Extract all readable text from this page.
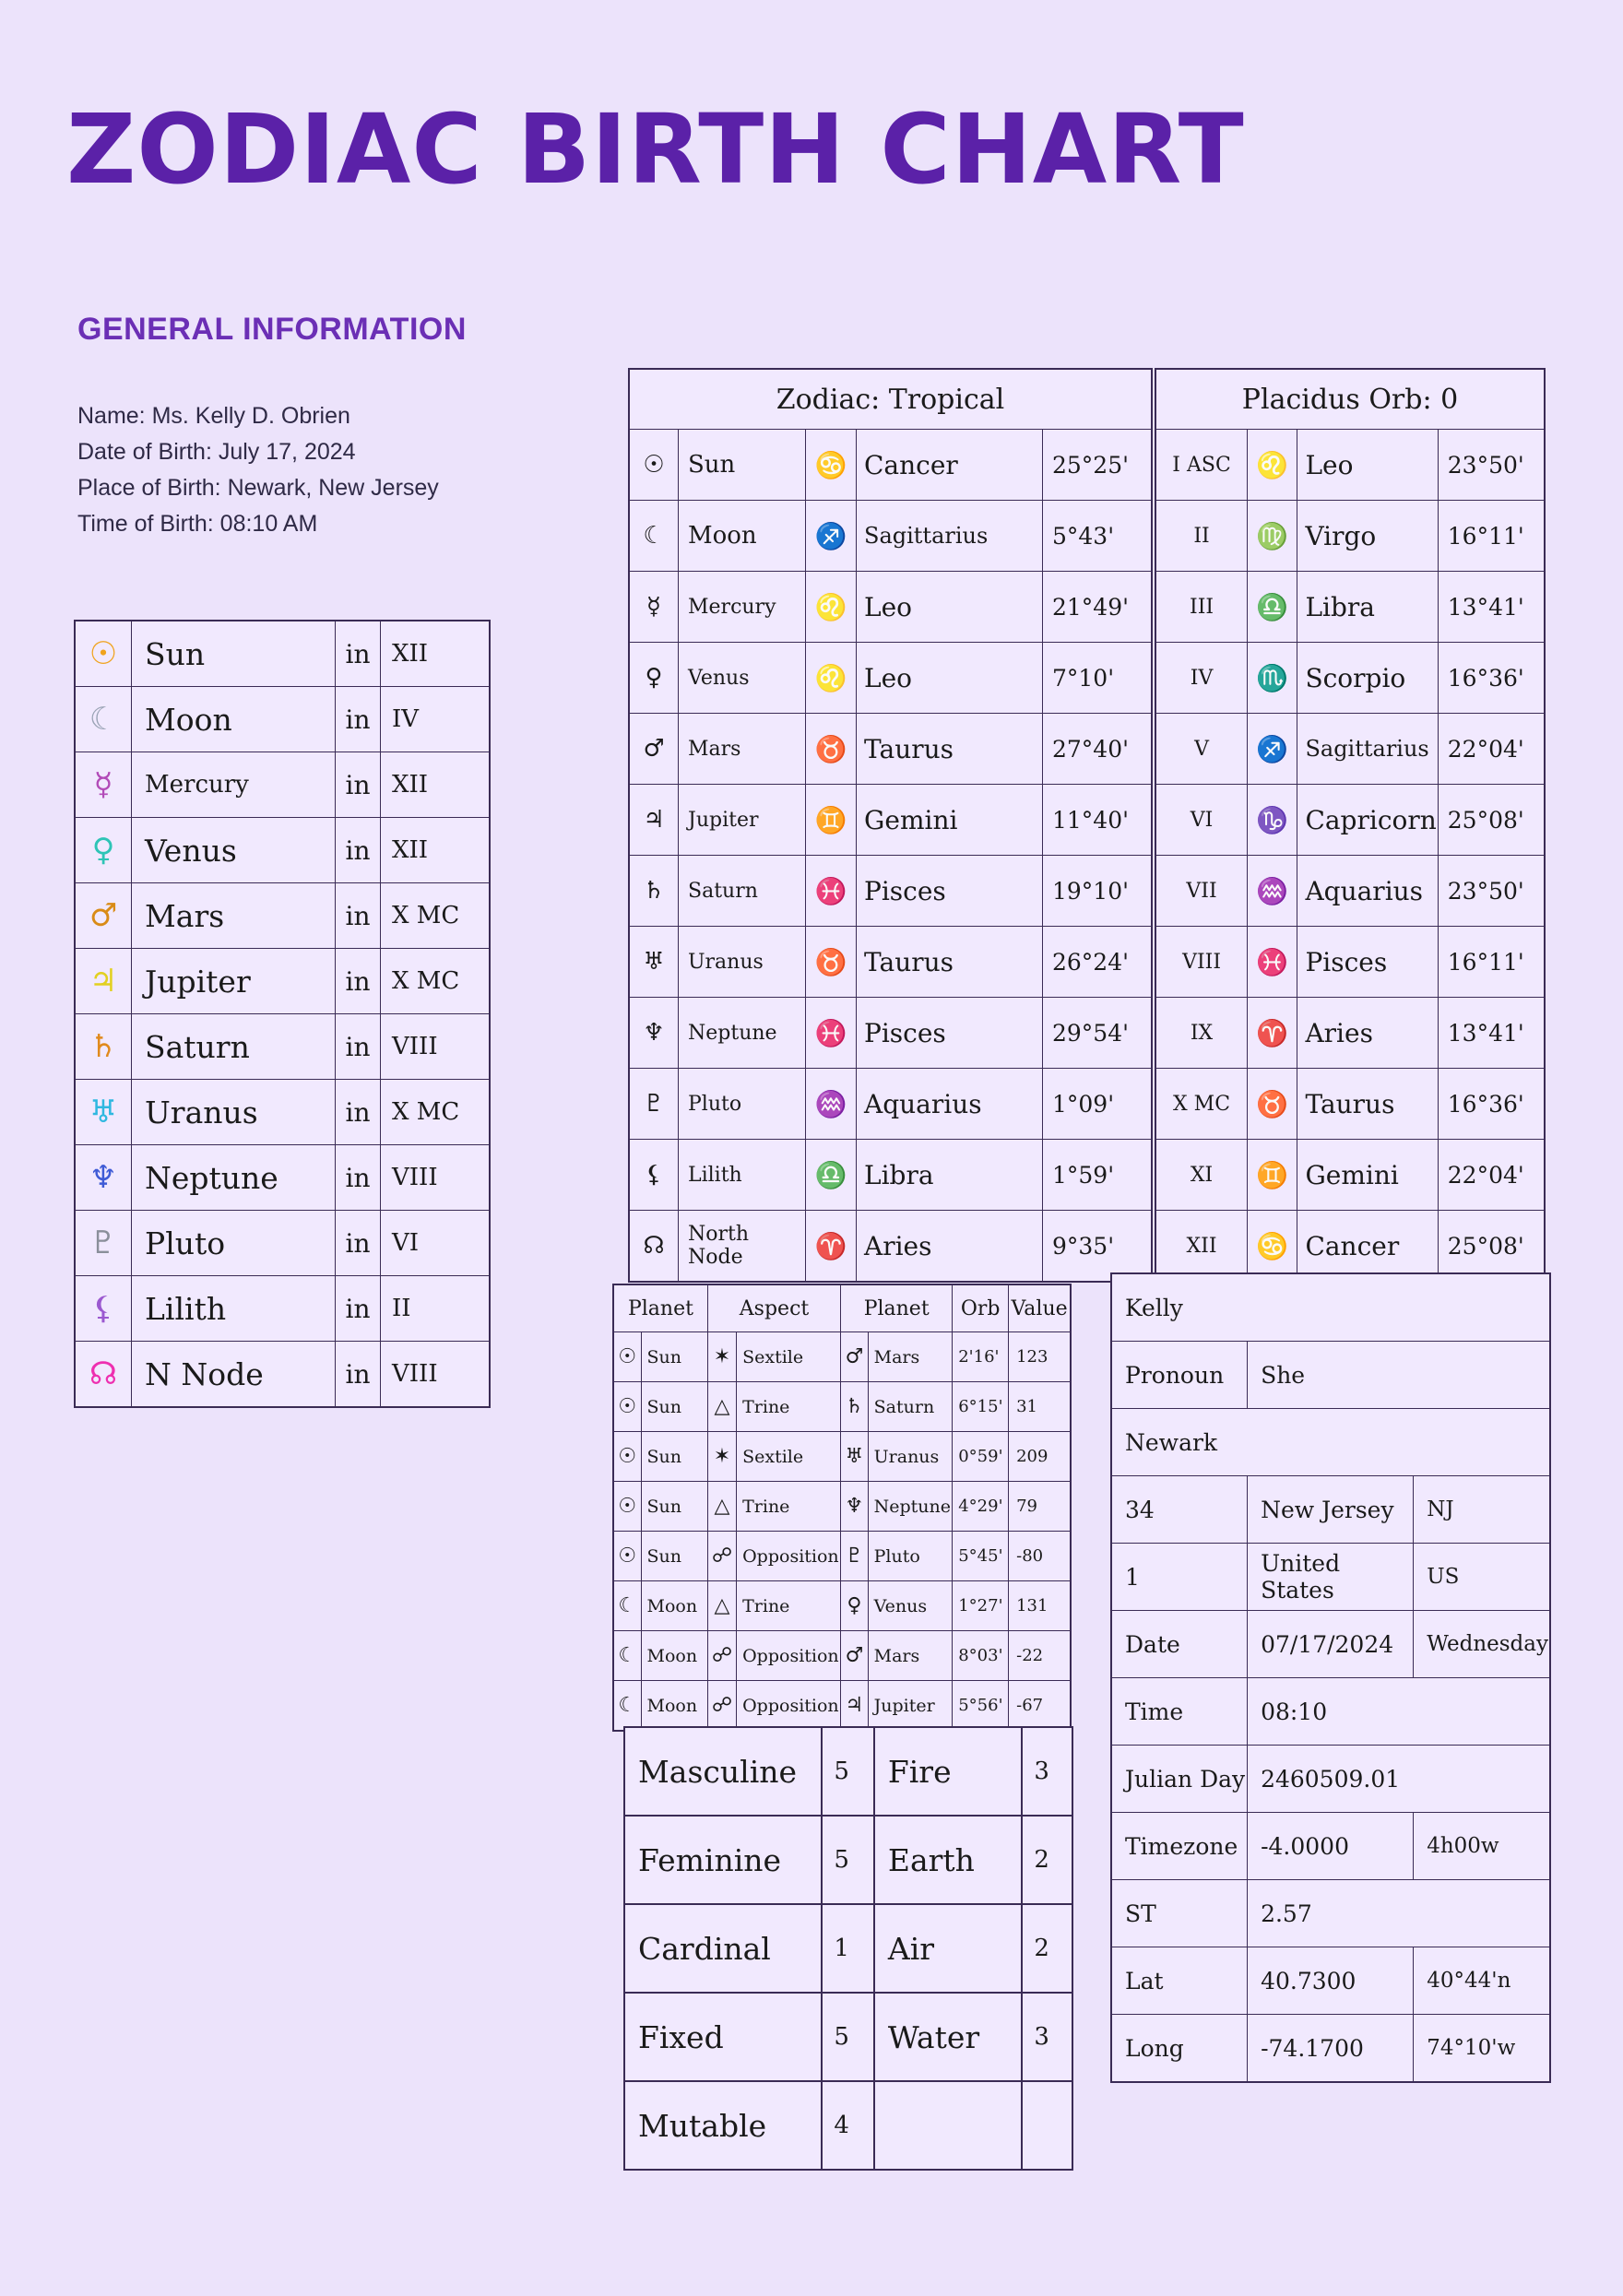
ZODIAC BIRTH CHART
GENERAL INFORMATION
Name: Ms. Kelly D. Obrien
Date of Birth: July 17, 2024
Place of Birth: Newark, New Jersey
Time of Birth: 08:10 AM
☉	Sun	in	XII
☾	Moon	in	IV
☿	Mercury	in	XII
♀	Venus	in	XII
♂	Mars	in	X MC
♃	Jupiter	in	X MC
♄	Saturn	in	VIII
♅	Uranus	in	X MC
♆	Neptune	in	VIII
♇	Pluto	in	VI
⚸	Lilith	in	II
☊	N Node	in	VIII
Zodiac: Tropical				
☉	Sun	♋	Cancer	25°25'
☾	Moon	♐	Sagittarius	5°43'
☿	Mercury	♌	Leo	21°49'
♀	Venus	♌	Leo	7°10'
♂	Mars	♉	Taurus	27°40'
♃	Jupiter	♊	Gemini	11°40'
♄	Saturn	♓	Pisces	19°10'
♅	Uranus	♉	Taurus	26°24'
♆	Neptune	♓	Pisces	29°54'
♇	Pluto	♒	Aquarius	1°09'
⚸	Lilith	♎	Libra	1°59'
☊	North Node	♈	Aries	9°35'
Placidus Orb: 0			
I ASC	♌	Leo	23°50'
II	♍	Virgo	16°11'
III	♎	Libra	13°41'
IV	♏	Scorpio	16°36'
V	♐	Sagittarius	22°04'
VI	♑	Capricorn	25°08'
VII	♒	Aquarius	23°50'
VIII	♓	Pisces	16°11'
IX	♈	Aries	13°41'
X MC	♉	Taurus	16°36'
XI	♊	Gemini	22°04'
XII	♋	Cancer	25°08'
Planet		Aspect		Planet		Orb	Value
☉	Sun	✶	Sextile	♂	Mars	2'16'	123
☉	Sun	△	Trine	♄	Saturn	6°15'	31
☉	Sun	✶	Sextile	♅	Uranus	0°59'	209
☉	Sun	△	Trine	♆	Neptune	4°29'	79
☉	Sun	☍	Opposition	♇	Pluto	5°45'	-80
☾	Moon	△	Trine	♀	Venus	1°27'	131
☾	Moon	☍	Opposition	♂	Mars	8°03'	-22
☾	Moon	☍	Opposition	♃	Jupiter	5°56'	-67
Masculine	5	Fire	3
Feminine	5	Earth	2
Cardinal	1	Air	2
Fixed	5	Water	3
Mutable	4		
Kelly		
Pronoun	She	
Newark		
34	New Jersey	NJ
1	United States	US
Date	07/17/2024	Wednesday
Time	08:10	
Julian Day	2460509.01	
Timezone	-4.0000	4h00w
ST	2.57	
Lat	40.7300	40°44'n
Long	-74.1700	74°10'w
